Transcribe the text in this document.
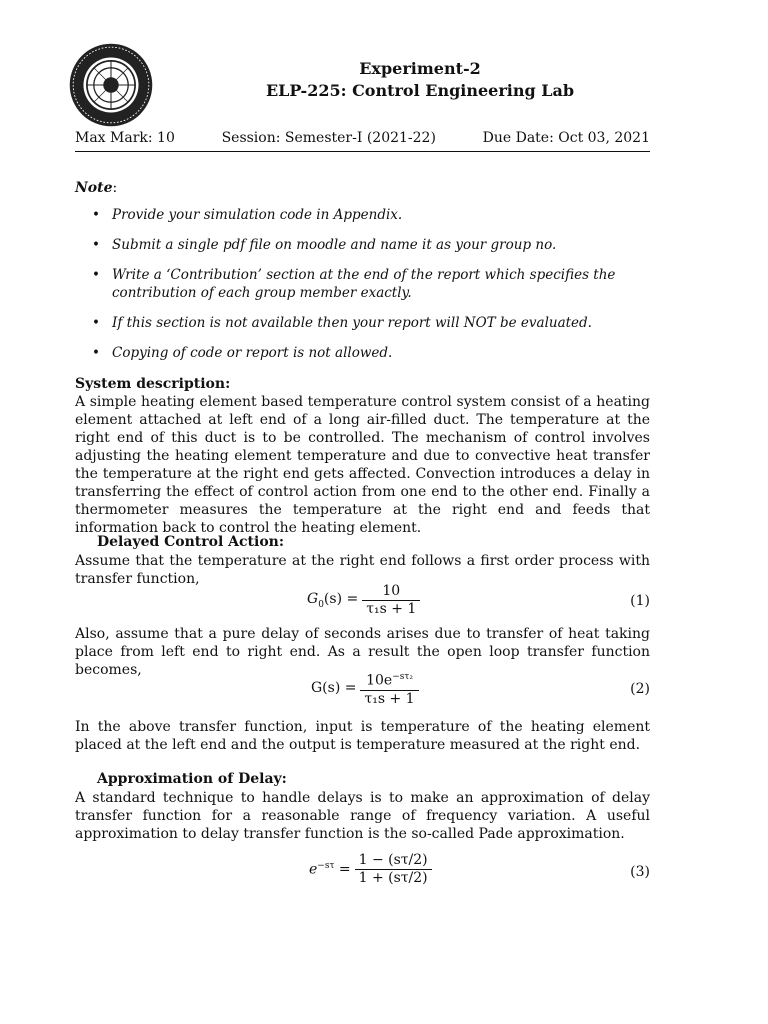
Experiment-2
ELP-225: Control Engineering Lab
Max Mark: 10	Session: Semester-I (2021-22)	Due Date: Oct 03, 2021
Note:
• Provide your simulation code in Appendix.
• Submit a single pdf file on moodle and name it as your group no.
• Write a ‘Contribution’ section at the end of the report which specifies the contribution of each group member exactly.
• If this section is not available then your report will NOT be evaluated.
• Copying of code or report is not allowed.
System description:
A simple heating element based temperature control system consist of a heating element attached at left end of a long air-filled duct. The temperature at the right end of this duct is to be controlled. The mechanism of control involves adjusting the heating element temperature and due to convective heat transfer the temperature at the right end gets affected. Convection introduces a delay in transferring the effect of control action from one end to the other end. Finally a thermometer measures the temperature at the right end and feeds that information back to control the heating element.
Delayed Control Action:
Assume that the temperature at the right end follows a first order process with transfer function,
$G_0(s) = \frac{10}{\text{τ₁s + 1}}$	(1)
Also, assume that a pure delay of seconds arises due to transfer of heat taking place from left end to right end. As a result the open loop transfer function becomes,
$G(s) = \frac{10e^{-s\tau_2}}{\text{τ₁s + 1}}$	(2)
In the above transfer function, input is temperature of the heating element placed at the left end and the output is temperature measured at the right end.
Approximation of Delay:
A standard technique to handle delays is to make an approximation of delay transfer function for a reasonable range of frequency variation. A useful approximation to delay transfer function is the so-called Pade approximation.
$e^{-s\tau} = \frac{1 - (s\tau/2)}{1 + (s\tau/2)}$	(3)
